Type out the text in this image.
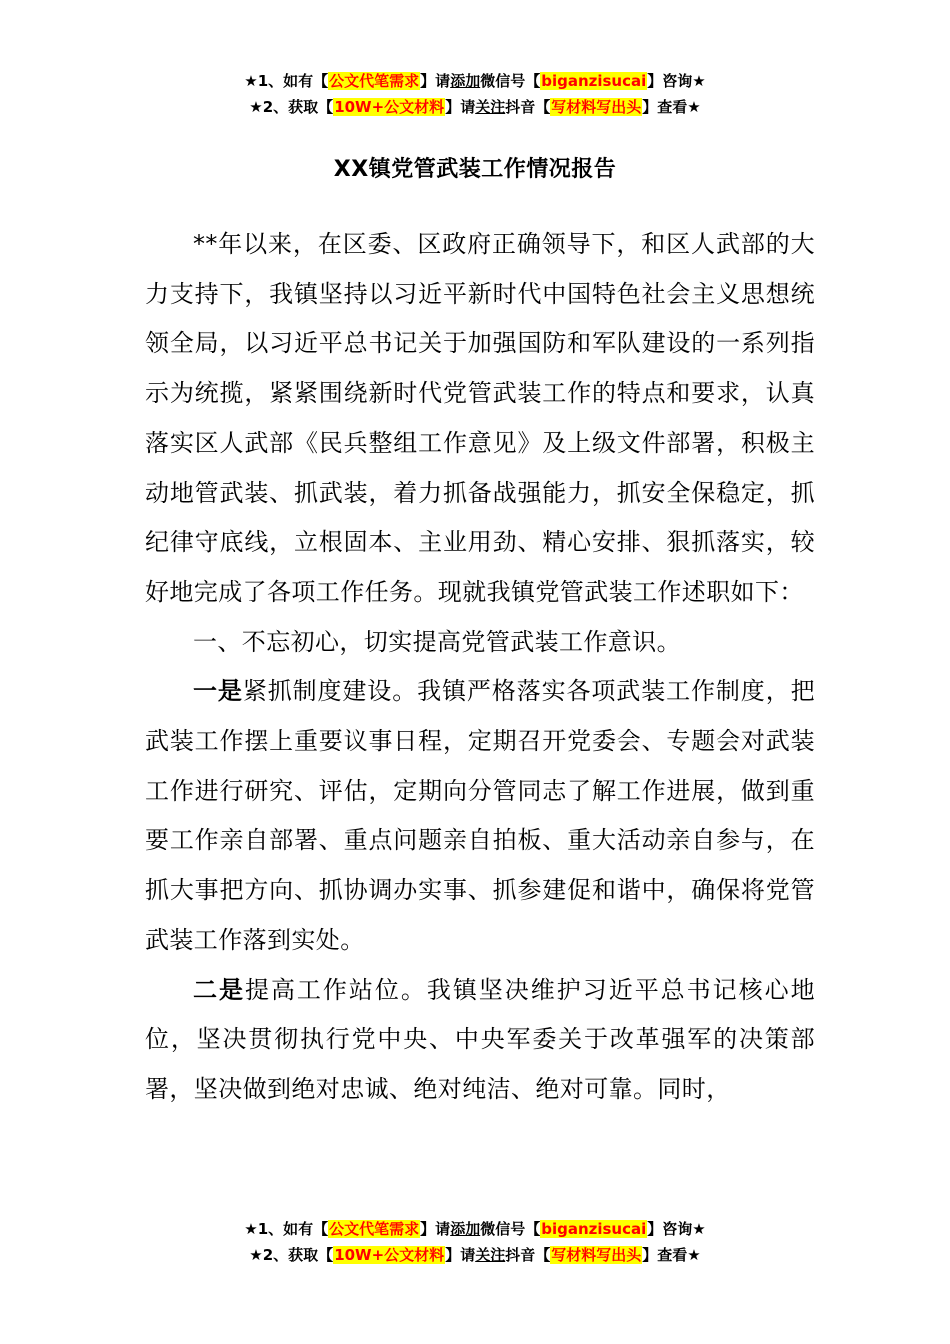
★1、如有【公文代笔需求】请添加微信号【biganzisucai】咨询★
★2、获取【10W+公文材料】请关注抖音【写材料写出头】查看★
XX镇党管武装工作情况报告

**年以来，在区委、区政府正确领导下，和区人武部的大力支持下，我镇坚持以习近平新时代中国特色社会主义思想统领全局，以习近平总书记关于加强国防和军队建设的一系列指示为统揽，紧紧围绕新时代党管武装工作的特点和要求，认真落实区人武部《民兵整组工作意见》及上级文件部署，积极主动地管武装、抓武装，着力抓备战强能力，抓安全保稳定，抓纪律守底线，立根固本、主业用劲、精心安排、狠抓落实，较好地完成了各项工作任务。现就我镇党管武装工作述职如下：

一、不忘初心，切实提高党管武装工作意识。

一是紧抓制度建设。我镇严格落实各项武装工作制度，把武装工作摆上重要议事日程，定期召开党委会、专题会对武装工作进行研究、评估，定期向分管同志了解工作进展，做到重要工作亲自部署、重点问题亲自拍板、重大活动亲自参与，在抓大事把方向、抓协调办实事、抓参建促和谐中，确保将党管武装工作落到实处。

二是提高工作站位。我镇坚决维护习近平总书记核心地位，坚决贯彻执行党中央、中央军委关于改革强军的决策部署，坚决做到绝对忠诚、绝对纯洁、绝对可靠。同时，

★1、如有【公文代笔需求】请添加微信号【biganzisucai】咨询★
★2、获取【10W+公文材料】请关注抖音【写材料写出头】查看★
